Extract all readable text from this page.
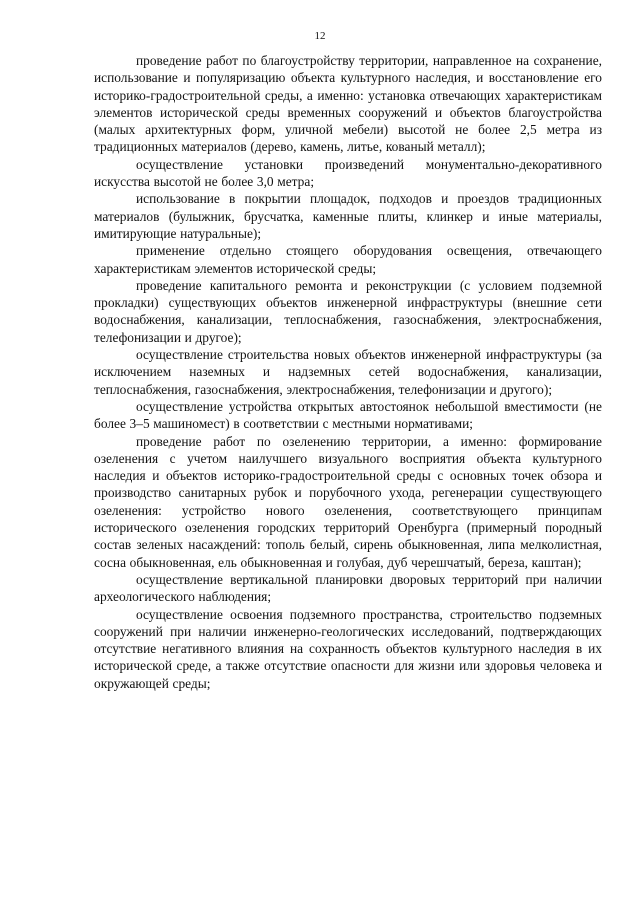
12

проведение работ по благоустройству территории, направленное на сохранение, использование и популяризацию объекта культурного наследия, и восстановление его историко-градостроительной среды, а именно: установка отвечающих характеристикам элементов исторической среды временных сооружений и объектов благоустройства (малых архитектурных форм, уличной мебели) высотой не более 2,5 метра из традиционных материалов (дерево, камень, литье, кованый металл);

осуществление установки произведений монументально-декоративного искусства высотой не более 3,0 метра;

использование в покрытии площадок, подходов и проездов традиционных материалов (булыжник, брусчатка, каменные плиты, клинкер и иные материалы, имитирующие натуральные);

применение отдельно стоящего оборудования освещения, отвечающего характеристикам элементов исторической среды;

проведение капитального ремонта и реконструкции (с условием подземной прокладки) существующих объектов инженерной инфраструктуры (внешние сети водоснабжения, канализации, теплоснабжения, газоснабжения, электроснабжения, телефонизации и другое);

осуществление строительства новых объектов инженерной инфраструктуры (за исключением наземных и надземных сетей водоснабжения, канализации, теплоснабжения, газоснабжения, электроснабжения, телефонизации и другого);

осуществление устройства открытых автостоянок небольшой вместимости (не более 3–5 машиномест) в соответствии с местными нормативами;

проведение работ по озеленению территории, а именно: формирование озеленения с учетом наилучшего визуального восприятия объекта культурного наследия и объектов историко-градостроительной среды с основных точек обзора и производство санитарных рубок и порубочного ухода, регенерации существующего озеленения: устройство нового озеленения, соответствующего принципам исторического озеленения городских территорий Оренбурга (примерный породный состав зеленых насаждений: тополь белый, сирень обыкновенная, липа мелколистная, сосна обыкновенная, ель обыкновенная и голубая, дуб черешчатый, береза, каштан);

осуществление вертикальной планировки дворовых территорий при наличии археологического наблюдения;

осуществление освоения подземного пространства, строительство подземных сооружений при наличии инженерно-геологических исследований, подтверждающих отсутствие негативного влияния на сохранность объектов культурного наследия в их исторической среде, а также отсутствие опасности для жизни или здоровья человека и окружающей среды;
